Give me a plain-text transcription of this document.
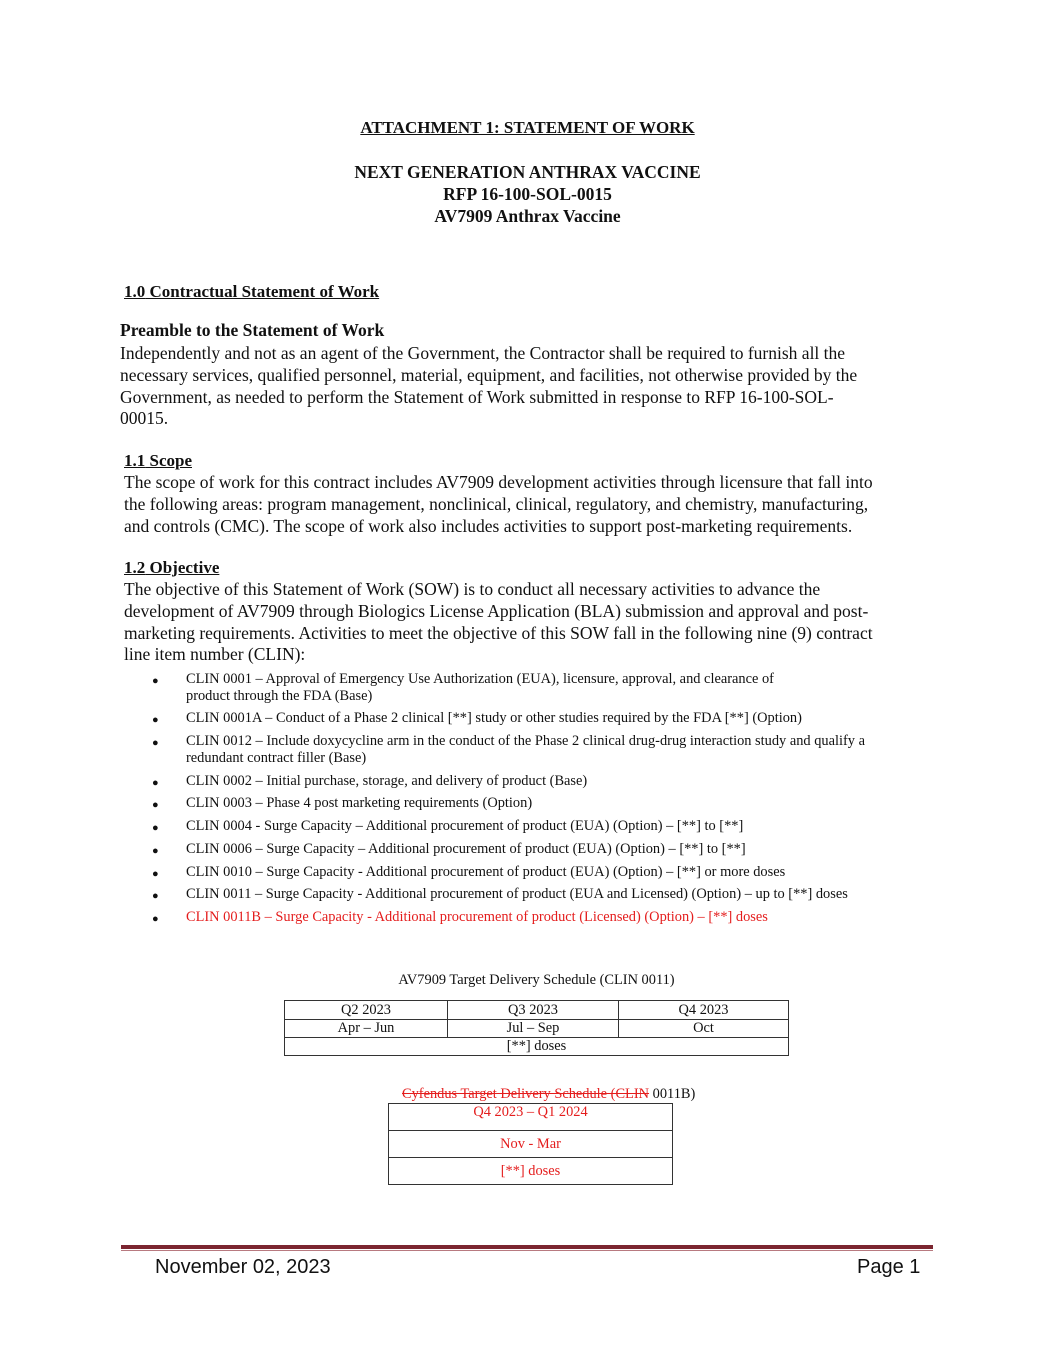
ATTACHMENT 1: STATEMENT OF WORK
NEXT GENERATION ANTHRAX VACCINE
RFP 16-100-SOL-0015
AV7909 Anthrax Vaccine
1.0 Contractual Statement of Work
Preamble to the Statement of Work
Independently and not as an agent of the Government, the Contractor shall be required to furnish all the
necessary services, qualified personnel, material, equipment, and facilities, not otherwise provided by the
Government, as needed to perform the Statement of Work submitted in response to RFP 16-100-SOL-
00015.
1.1 Scope
The scope of work for this contract includes AV7909 development activities through licensure that fall into
the following areas: program management, nonclinical, clinical, regulatory, and chemistry, manufacturing,
and controls (CMC). The scope of work also includes activities to support post-marketing requirements.
1.2 Objective
The objective of this Statement of Work (SOW) is to conduct all necessary activities to advance the
development of AV7909 through Biologics License Application (BLA) submission and approval and post-
marketing requirements. Activities to meet the objective of this SOW fall in the following nine (9) contract
line item number (CLIN):
● CLIN 0001 – Approval of Emergency Use Authorization (EUA), licensure, approval, and clearance of
product through the FDA (Base)
● CLIN 0001A – Conduct of a Phase 2 clinical [**] study or other studies required by the FDA [**] (Option)
● CLIN 0012 – Include doxycycline arm in the conduct of the Phase 2 clinical drug-drug interaction study and qualify a
redundant contract filler (Base)
● CLIN 0002 – Initial purchase, storage, and delivery of product (Base)
● CLIN 0003 – Phase 4 post marketing requirements (Option)
● CLIN 0004 - Surge Capacity – Additional procurement of product (EUA) (Option) – [**] to [**]
● CLIN 0006 – Surge Capacity – Additional procurement of product (EUA) (Option) – [**] to [**]
● CLIN 0010 – Surge Capacity - Additional procurement of product (EUA) (Option) – [**] or more doses
● CLIN 0011 – Surge Capacity - Additional procurement of product (EUA and Licensed) (Option) – up to [**] doses
● CLIN 0011B – Surge Capacity - Additional procurement of product (Licensed) (Option) – [**] doses
AV7909 Target Delivery Schedule (CLIN 0011)
Q2 2023	Q3 2023	Q4 2023
Apr – Jun	Jul – Sep	Oct
[**] doses		
Cyfendus Target Delivery Schedule (CLIN 0011B)
Q4 2023 – Q1 2024
Nov - Mar
[**] doses
November 02, 2023	Page 1
